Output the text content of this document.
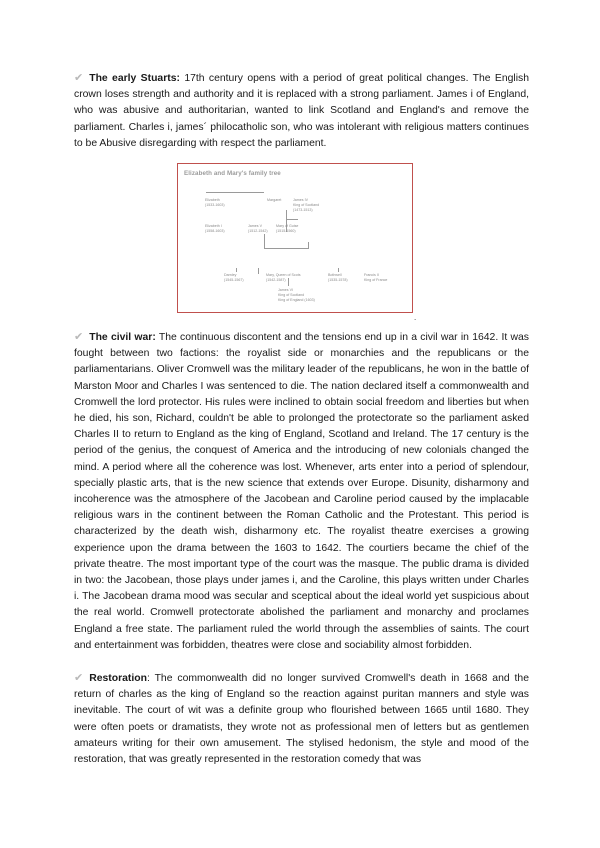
✔ The early Stuarts: 17th century opens with a period of great political changes. The English crown loses strength and authority and it is replaced with a strong parliament. James i of England, who was abusive and authoritarian, wanted to link Scotland and England's and remove the parliament. Charles i, james´ philocatholic son, who was intolerant with religious matters continues to be Abusive disregarding with respect the parliament.

Elizabeth and Mary's family tree
Elizabeth
(1533-1603)
Margaret	James IV
King of Scotland
(1473-1513)
Elizabeth I
(1558-1603)
James V
(1512-1542)
Mary of Guise
(1515-1560)
Darnley
(1545-1567)
Mary, Queen of Scots
(1542-1587)
Bothwell
(1535-1578)
Francis II
King of France
James VI
King of Scotland
King of England (1603)
.

✔ The civil war: The continuous discontent and the tensions end up in a civil war in 1642. It was fought between two factions: the royalist side or monarchies and the republicans or the parliamentarians. Oliver Cromwell was the military leader of the republicans, he won in the battle of Marston Moor and Charles I was sentenced to die. The nation declared itself a commonwealth and Cromwell the lord protector. His rules were inclined to obtain social freedom and liberties but when he died, his son, Richard, couldn't be able to prolonged the protectorate so the parliament asked Charles II to return to England as the king of England, Scotland and Ireland. The 17 century is the period of the genius, the conquest of America and the introducing of new colonials changed the mind. A period where all the coherence was lost. Whenever, arts enter into a period of splendour, specially plastic arts, that is the new science that extends over Europe. Disunity, disharmony and incoherence was the atmosphere of the Jacobean and Caroline period caused by the implacable religious wars in the continent between the Roman Catholic and the Protestant. This period is characterized by the death wish, disharmony etc. The royalist theatre exercises a growing experience upon the drama between the 1603 to 1642. The courtiers became the chief of the private theatre. The most important type of the court was the masque. The public drama is divided in two: the Jacobean, those plays under james i, and the Caroline, this plays written under Charles i. The Jacobean drama mood was secular and sceptical about the ideal world yet suspicious about the real world. Cromwell protectorate abolished the parliament and monarchy and proclames England a free state. The parliament ruled the world through the assemblies of saints. The court and entertainment was forbidden, theatres were close and sociability almost forbidden.

✔ Restoration: The commonwealth did no longer survived Cromwell's death in 1668 and the return of charles as the king of England so the reaction against puritan manners and style was inevitable. The court of wit was a definite group who flourished between 1665 until 1680. They were often poets or dramatists, they wrote not as professional men of letters but as gentlemen amateurs writing for their own amusement. The stylised hedonism, the style and mood of the restoration, that was greatly represented in the restoration comedy that was
